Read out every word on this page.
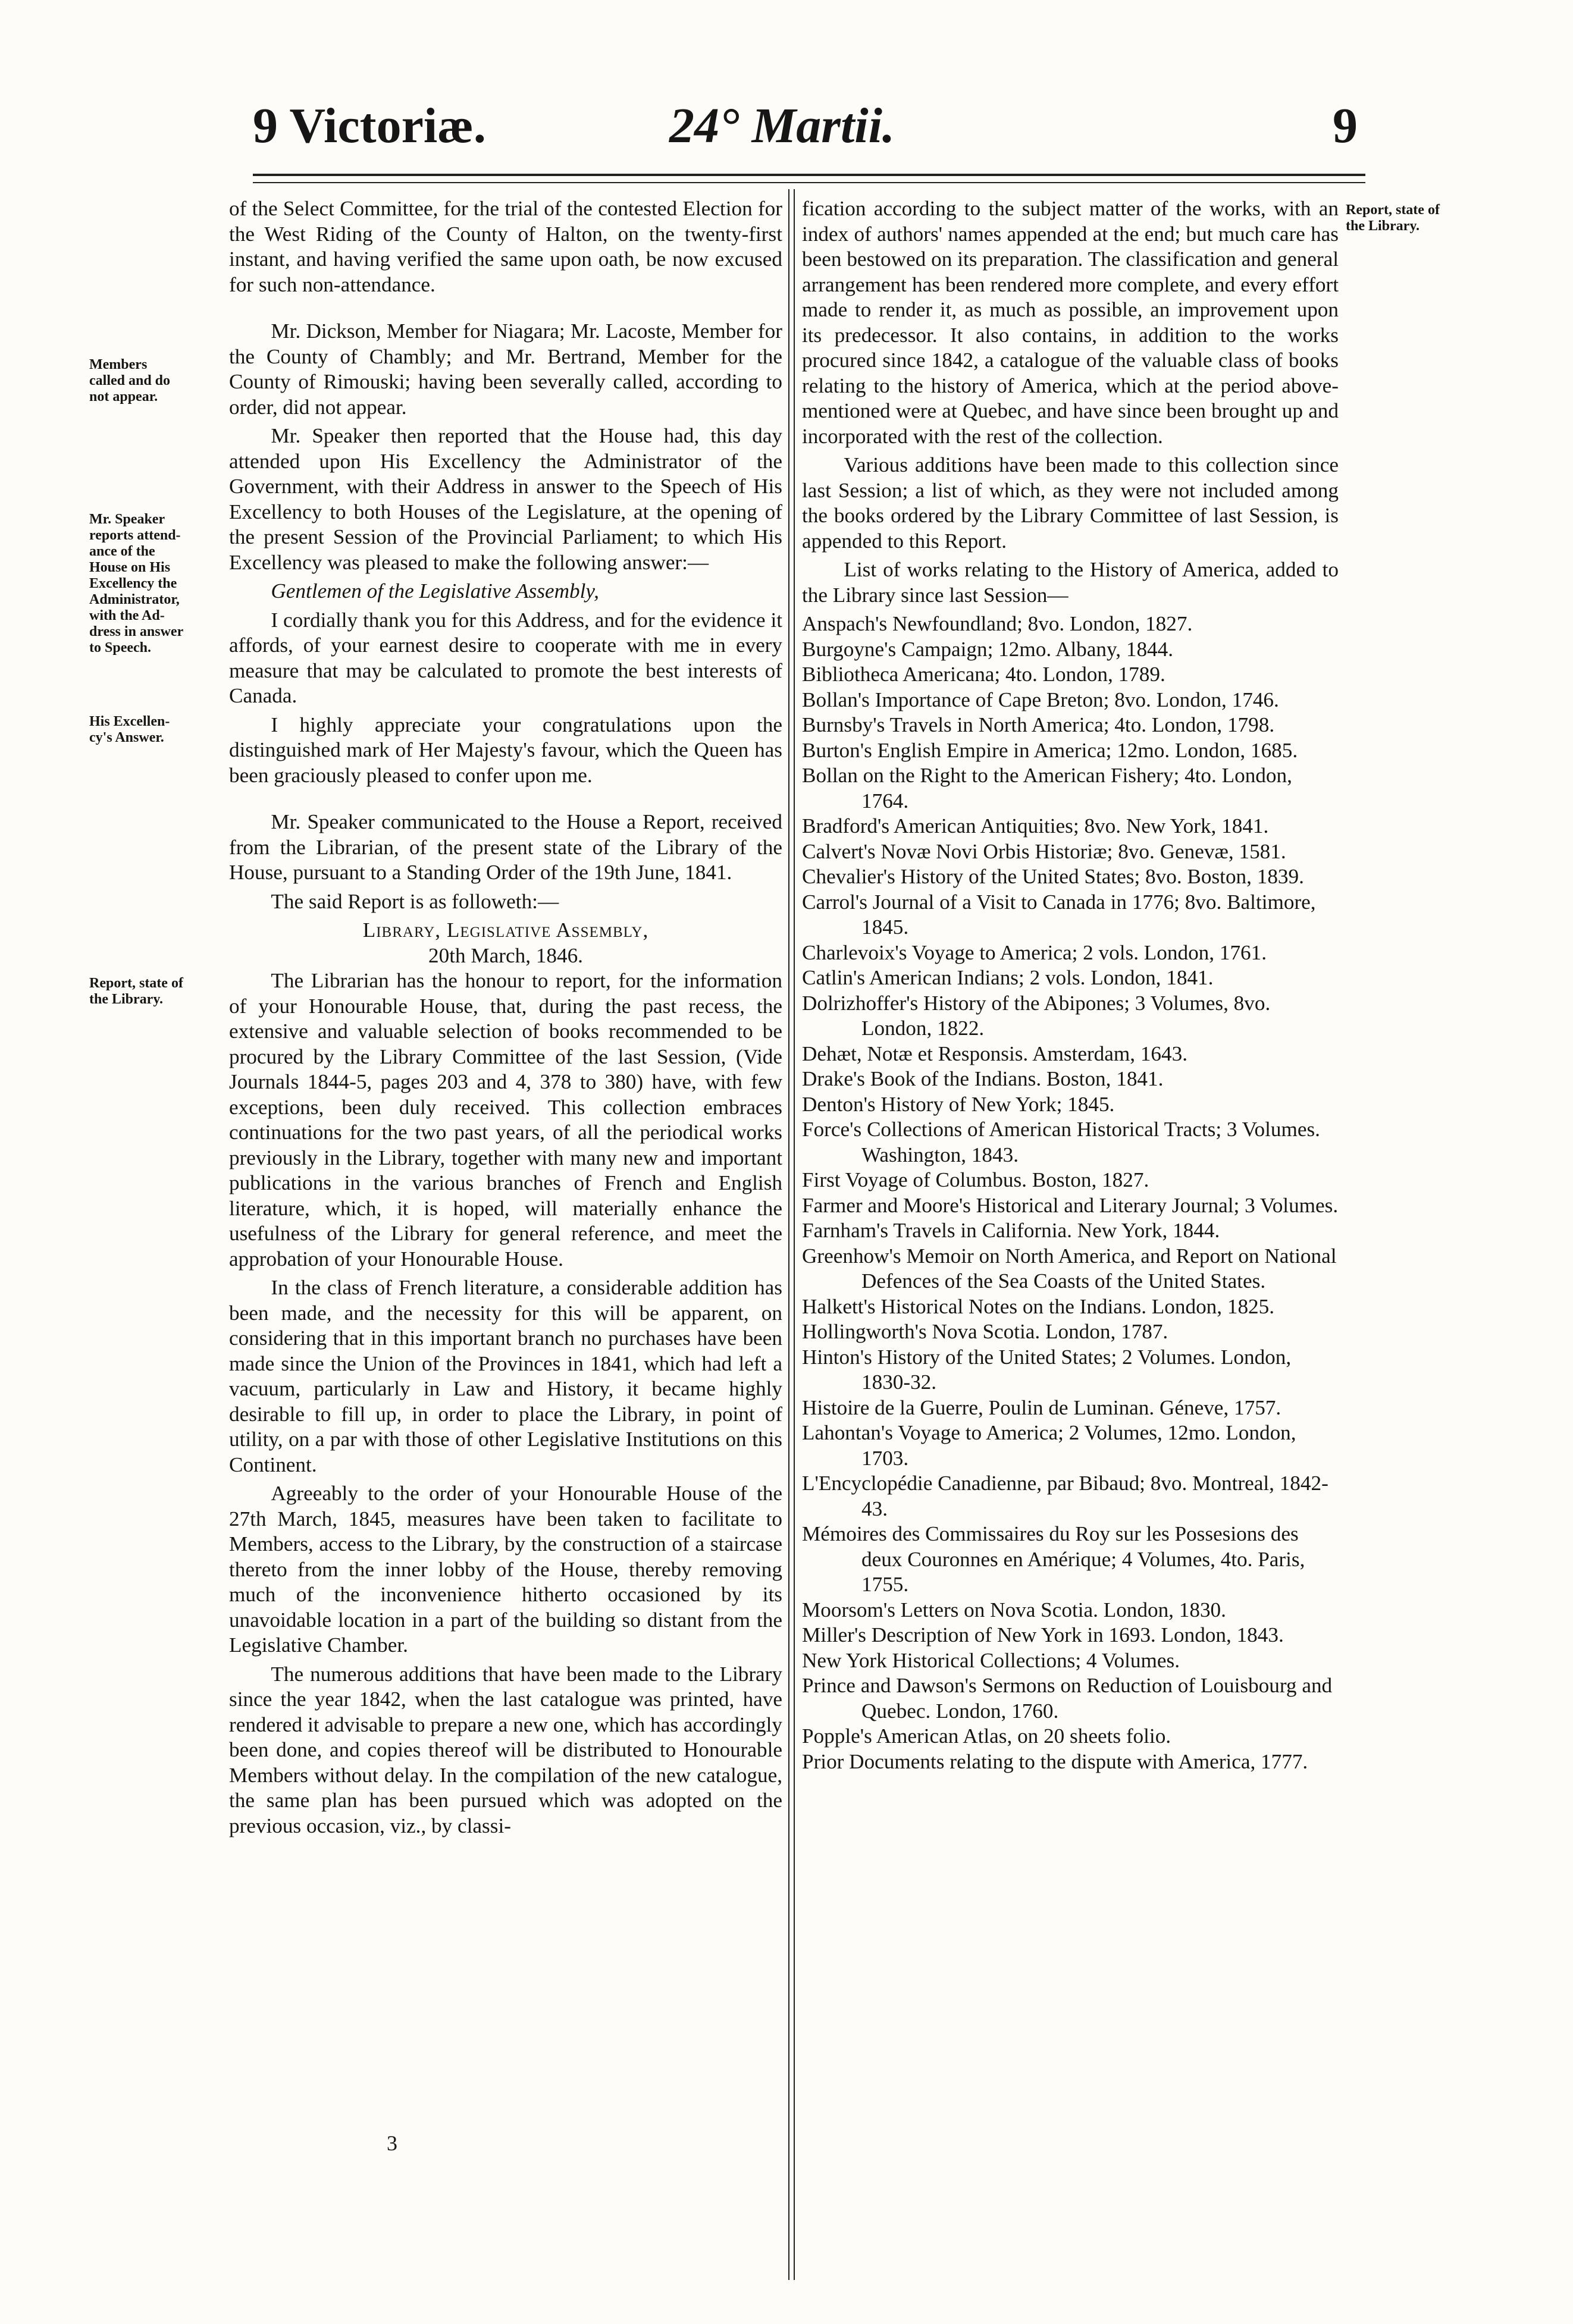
9 Victoriæ.	24° Martii.	9
Members
called and do
not appear.
Mr. Speaker
reports attend-
ance of the
House on His
Excellency the
Administrator,
with the Ad-
dress in answer
to Speech.
His Excellen-
cy's Answer.
Report, state of
the Library.
Report, state of
the Library.

of the Select Committee, for the trial of the contested Election for the West Riding of the County of Halton, on the twenty-first instant, and having verified the same upon oath, be now excused for such non-attendance.

Mr. Dickson, Member for Niagara; Mr. Lacoste, Member for the County of Chambly; and Mr. Bertrand, Member for the County of Rimouski; having been severally called, according to order, did not appear.

Mr. Speaker then reported that the House had, this day attended upon His Excellency the Administrator of the Government, with their Address in answer to the Speech of His Excellency to both Houses of the Legislature, at the opening of the present Session of the Provincial Parliament; to which His Excellency was pleased to make the following answer:—

Gentlemen of the Legislative Assembly,

I cordially thank you for this Address, and for the evidence it affords, of your earnest desire to cooperate with me in every measure that may be calculated to promote the best interests of Canada.

I highly appreciate your congratulations upon the distinguished mark of Her Majesty's favour, which the Queen has been graciously pleased to confer upon me.

Mr. Speaker communicated to the House a Report, received from the Librarian, of the present state of the Library of the House, pursuant to a Standing Order of the 19th June, 1841.

The said Report is as followeth:—

Library, Legislative Assembly,

20th March, 1846.

The Librarian has the honour to report, for the information of your Honourable House, that, during the past recess, the extensive and valuable selection of books recommended to be procured by the Library Committee of the last Session, (Vide Journals 1844-5, pages 203 and 4, 378 to 380) have, with few exceptions, been duly received. This collection embraces continuations for the two past years, of all the periodical works previously in the Library, together with many new and important publications in the various branches of French and English literature, which, it is hoped, will materially enhance the usefulness of the Library for general reference, and meet the approbation of your Honourable House.

In the class of French literature, a considerable addition has been made, and the necessity for this will be apparent, on considering that in this important branch no purchases have been made since the Union of the Provinces in 1841, which had left a vacuum, particularly in Law and History, it became highly desirable to fill up, in order to place the Library, in point of utility, on a par with those of other Legislative Institutions on this Continent.

Agreeably to the order of your Honourable House of the 27th March, 1845, measures have been taken to facilitate to Members, access to the Library, by the construction of a staircase thereto from the inner lobby of the House, thereby removing much of the inconvenience hitherto occasioned by its unavoidable location in a part of the building so distant from the Legislative Chamber.

The numerous additions that have been made to the Library since the year 1842, when the last catalogue was printed, have rendered it advisable to prepare a new one, which has accordingly been done, and copies thereof will be distributed to Honourable Members without delay. In the compilation of the new catalogue, the same plan has been pursued which was adopted on the previous occasion, viz., by classi-

3

fication according to the subject matter of the works, with an index of authors' names appended at the end; but much care has been bestowed on its preparation. The classification and general arrangement has been rendered more complete, and every effort made to render it, as much as possible, an improvement upon its predecessor. It also contains, in addition to the works procured since 1842, a catalogue of the valuable class of books relating to the history of America, which at the period above-mentioned were at Quebec, and have since been brought up and incorporated with the rest of the collection.

Various additions have been made to this collection since last Session; a list of which, as they were not included among the books ordered by the Library Committee of last Session, is appended to this Report.

List of works relating to the History of America, added to the Library since last Session—

Anspach's Newfoundland; 8vo. London, 1827.

Burgoyne's Campaign; 12mo. Albany, 1844.

Bibliotheca Americana; 4to. London, 1789.

Bollan's Importance of Cape Breton; 8vo. London, 1746.

Burnsby's Travels in North America; 4to. London, 1798.

Burton's English Empire in America; 12mo. London, 1685.

Bollan on the Right to the American Fishery; 4to. London, 1764.

Bradford's American Antiquities; 8vo. New York, 1841.

Calvert's Novæ Novi Orbis Historiæ; 8vo. Genevæ, 1581.

Chevalier's History of the United States; 8vo. Boston, 1839.

Carrol's Journal of a Visit to Canada in 1776; 8vo. Baltimore, 1845.

Charlevoix's Voyage to America; 2 vols. London, 1761.

Catlin's American Indians; 2 vols. London, 1841.

Dolrizhoffer's History of the Abipones; 3 Volumes, 8vo. London, 1822.

Dehæt, Notæ et Responsis. Amsterdam, 1643.

Drake's Book of the Indians. Boston, 1841.

Denton's History of New York; 1845.

Force's Collections of American Historical Tracts; 3 Volumes. Washington, 1843.

First Voyage of Columbus. Boston, 1827.

Farmer and Moore's Historical and Literary Journal; 3 Volumes.

Farnham's Travels in California. New York, 1844.

Greenhow's Memoir on North America, and Report on National Defences of the Sea Coasts of the United States.

Halkett's Historical Notes on the Indians. London, 1825.

Hollingworth's Nova Scotia. London, 1787.

Hinton's History of the United States; 2 Volumes. London, 1830-32.

Histoire de la Guerre, Poulin de Luminan. Géneve, 1757.

Lahontan's Voyage to America; 2 Volumes, 12mo. London, 1703.

L'Encyclopédie Canadienne, par Bibaud; 8vo. Montreal, 1842-43.

Mémoires des Commissaires du Roy sur les Possesions des deux Couronnes en Amérique; 4 Volumes, 4to. Paris, 1755.

Moorsom's Letters on Nova Scotia. London, 1830.

Miller's Description of New York in 1693. London, 1843.

New York Historical Collections; 4 Volumes.

Prince and Dawson's Sermons on Reduction of Louisbourg and Quebec. London, 1760.

Popple's American Atlas, on 20 sheets folio.

Prior Documents relating to the dispute with America, 1777.
